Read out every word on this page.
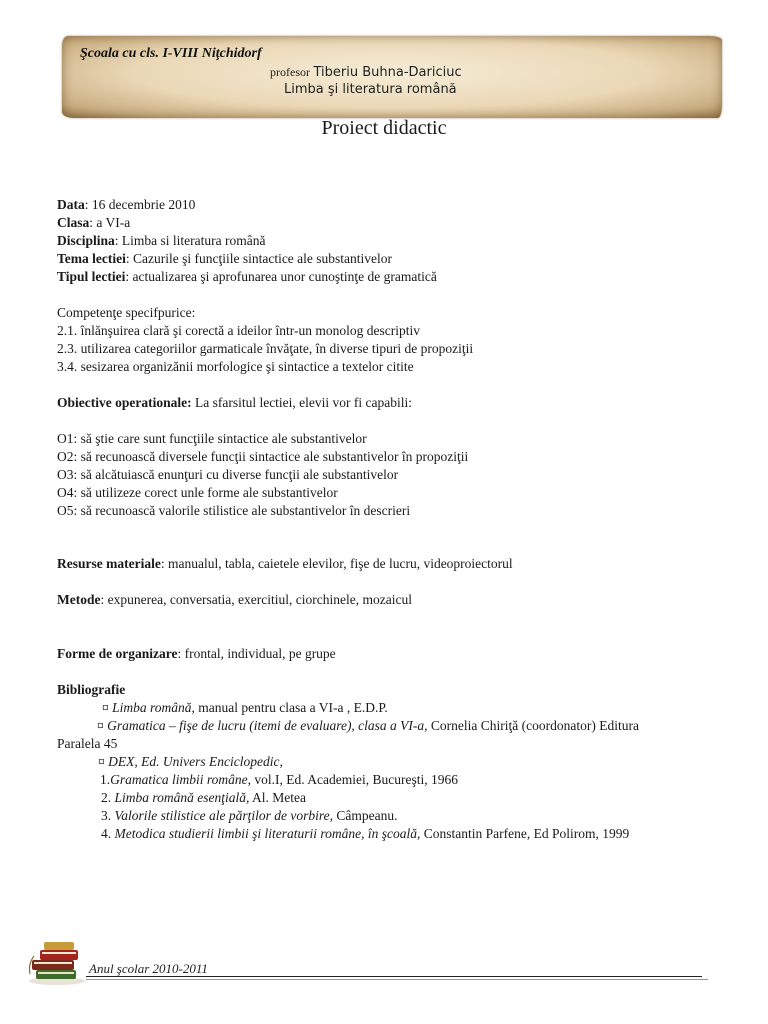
Şcoala cu cls. I-VIII Niţchidorf
profesor Tiberiu Buhna-Dariciuc
Limba şi literatura română
Proiect didactic
Data: 16 decembrie 2010
Clasa: a VI-a
Disciplina: Limba si literatura română
Tema lectiei: Cazurile şi funcţiile sintactice ale substantivelor
Tipul lectiei: actualizarea şi aprofunarea unor cunoştinţe de gramatică
Competenţe specifpurice:
2.1. înlănşuirea clară şi corectă a ideilor într-un monolog descriptiv
2.3. utilizarea categoriilor garmaticale învăţate, în diverse tipuri de propoziţii
3.4. sesizarea organizănii morfologice şi sintactice a textelor citite
Obiective operationale: La sfarsitul lectiei, elevii vor fi capabili:
O1: să ştie care sunt funcţiile sintactice ale substantivelor
O2: să recunoască diversele funcţii sintactice ale substantivelor în propoziţii
O3: să alcătuiască enunţuri cu diverse funcţii ale substantivelor
O4: să utilizeze corect unle forme ale substantivelor
O5: să recunoască valorile stilistice ale substantivelor în descrieri
Resurse materiale: manualul, tabla, caietele elevilor, fişe de lucru, videoproiectorul
Metode: expunerea, conversatia, exercitiul, ciorchinele, mozaicul
Forme de organizare: frontal, individual, pe grupe
Bibliografie
¤ Limba română, manual pentru clasa a VI-a , E.D.P.
¤ Gramatica – fişe de lucru (itemi de evaluare), clasa a VI-a, Cornelia Chiriţă (coordonator) Editura
Paralela 45
¤ DEX, Ed. Univers Enciclopedic,
1.Gramatica limbii române, vol.I, Ed. Academiei, Bucureşti, 1966
2. Limba română esenţială, Al. Metea
3. Valorile stilistice ale părţilor de vorbire, Câmpeanu.
4. Metodica studierii limbii şi literaturii române, în şcoală, Constantin Parfene, Ed Polirom, 1999
Anul şcolar 2010-2011
